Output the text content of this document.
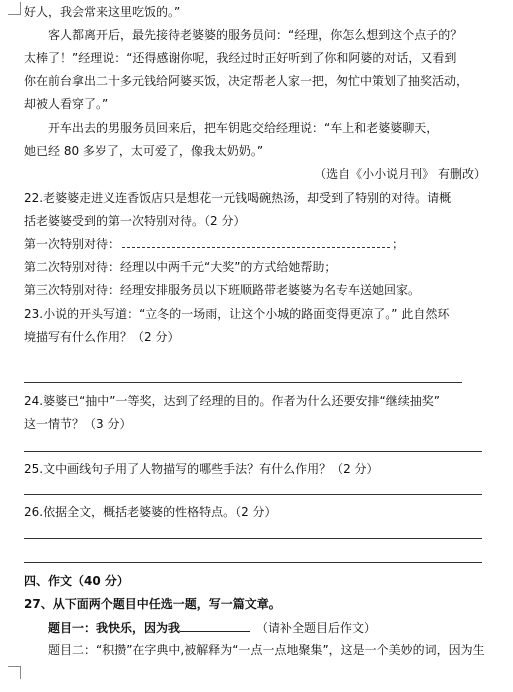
好人，我会常来这里吃饭的。”
客人都离开后，最先接待老婆婆的服务员问：“经理，你怎么想到这个点子的？
太棒了！”经理说：“还得感谢你呢，我经过时正好听到了你和阿婆的对话，又看到
你在前台拿出二十多元钱给阿婆买饭，决定帮老人家一把，匆忙中策划了抽奖活动，
却被人看穿了。”
开车出去的男服务员回来后，把车钥匙交给经理说：“车上和老婆婆聊天，
她已经 80 多岁了，太可爱了，像我太奶奶。”
（选自《小小说月刊》 有删改）
22.老婆婆走进义连香饭店只是想花一元钱喝碗热汤，却受到了特别的对待。请概
括老婆婆受到的第一次特别对待。（2 分）
第一次特别对待：	；
第二次特别对待：经理以中两千元“大奖”的方式给她帮助；
第三次特别对待：经理安排服务员以下班顺路带老婆婆为名专车送她回家。
23.小说的开头写道：“立冬的一场雨，让这个小城的路面变得更凉了。” 此自然环
境描写有什么作用？（2 分）
24.婆婆已“抽中”一等奖，达到了经理的目的。作者为什么还要安排“继续抽奖”
这一情节？（3 分）
25.文中画线句子用了人物描写的哪些手法？有什么作用？（2 分）
26.依据全文，概括老婆婆的性格特点。（2 分）
四、作文（40 分）
27、从下面两个题目中任选一题，写一篇文章。
题目一：我快乐，因为我	（请补全题目后作文）
题目二：“积攒”在字典中,被解释为“一点一点地聚集”，这是一个美妙的词，因为生
